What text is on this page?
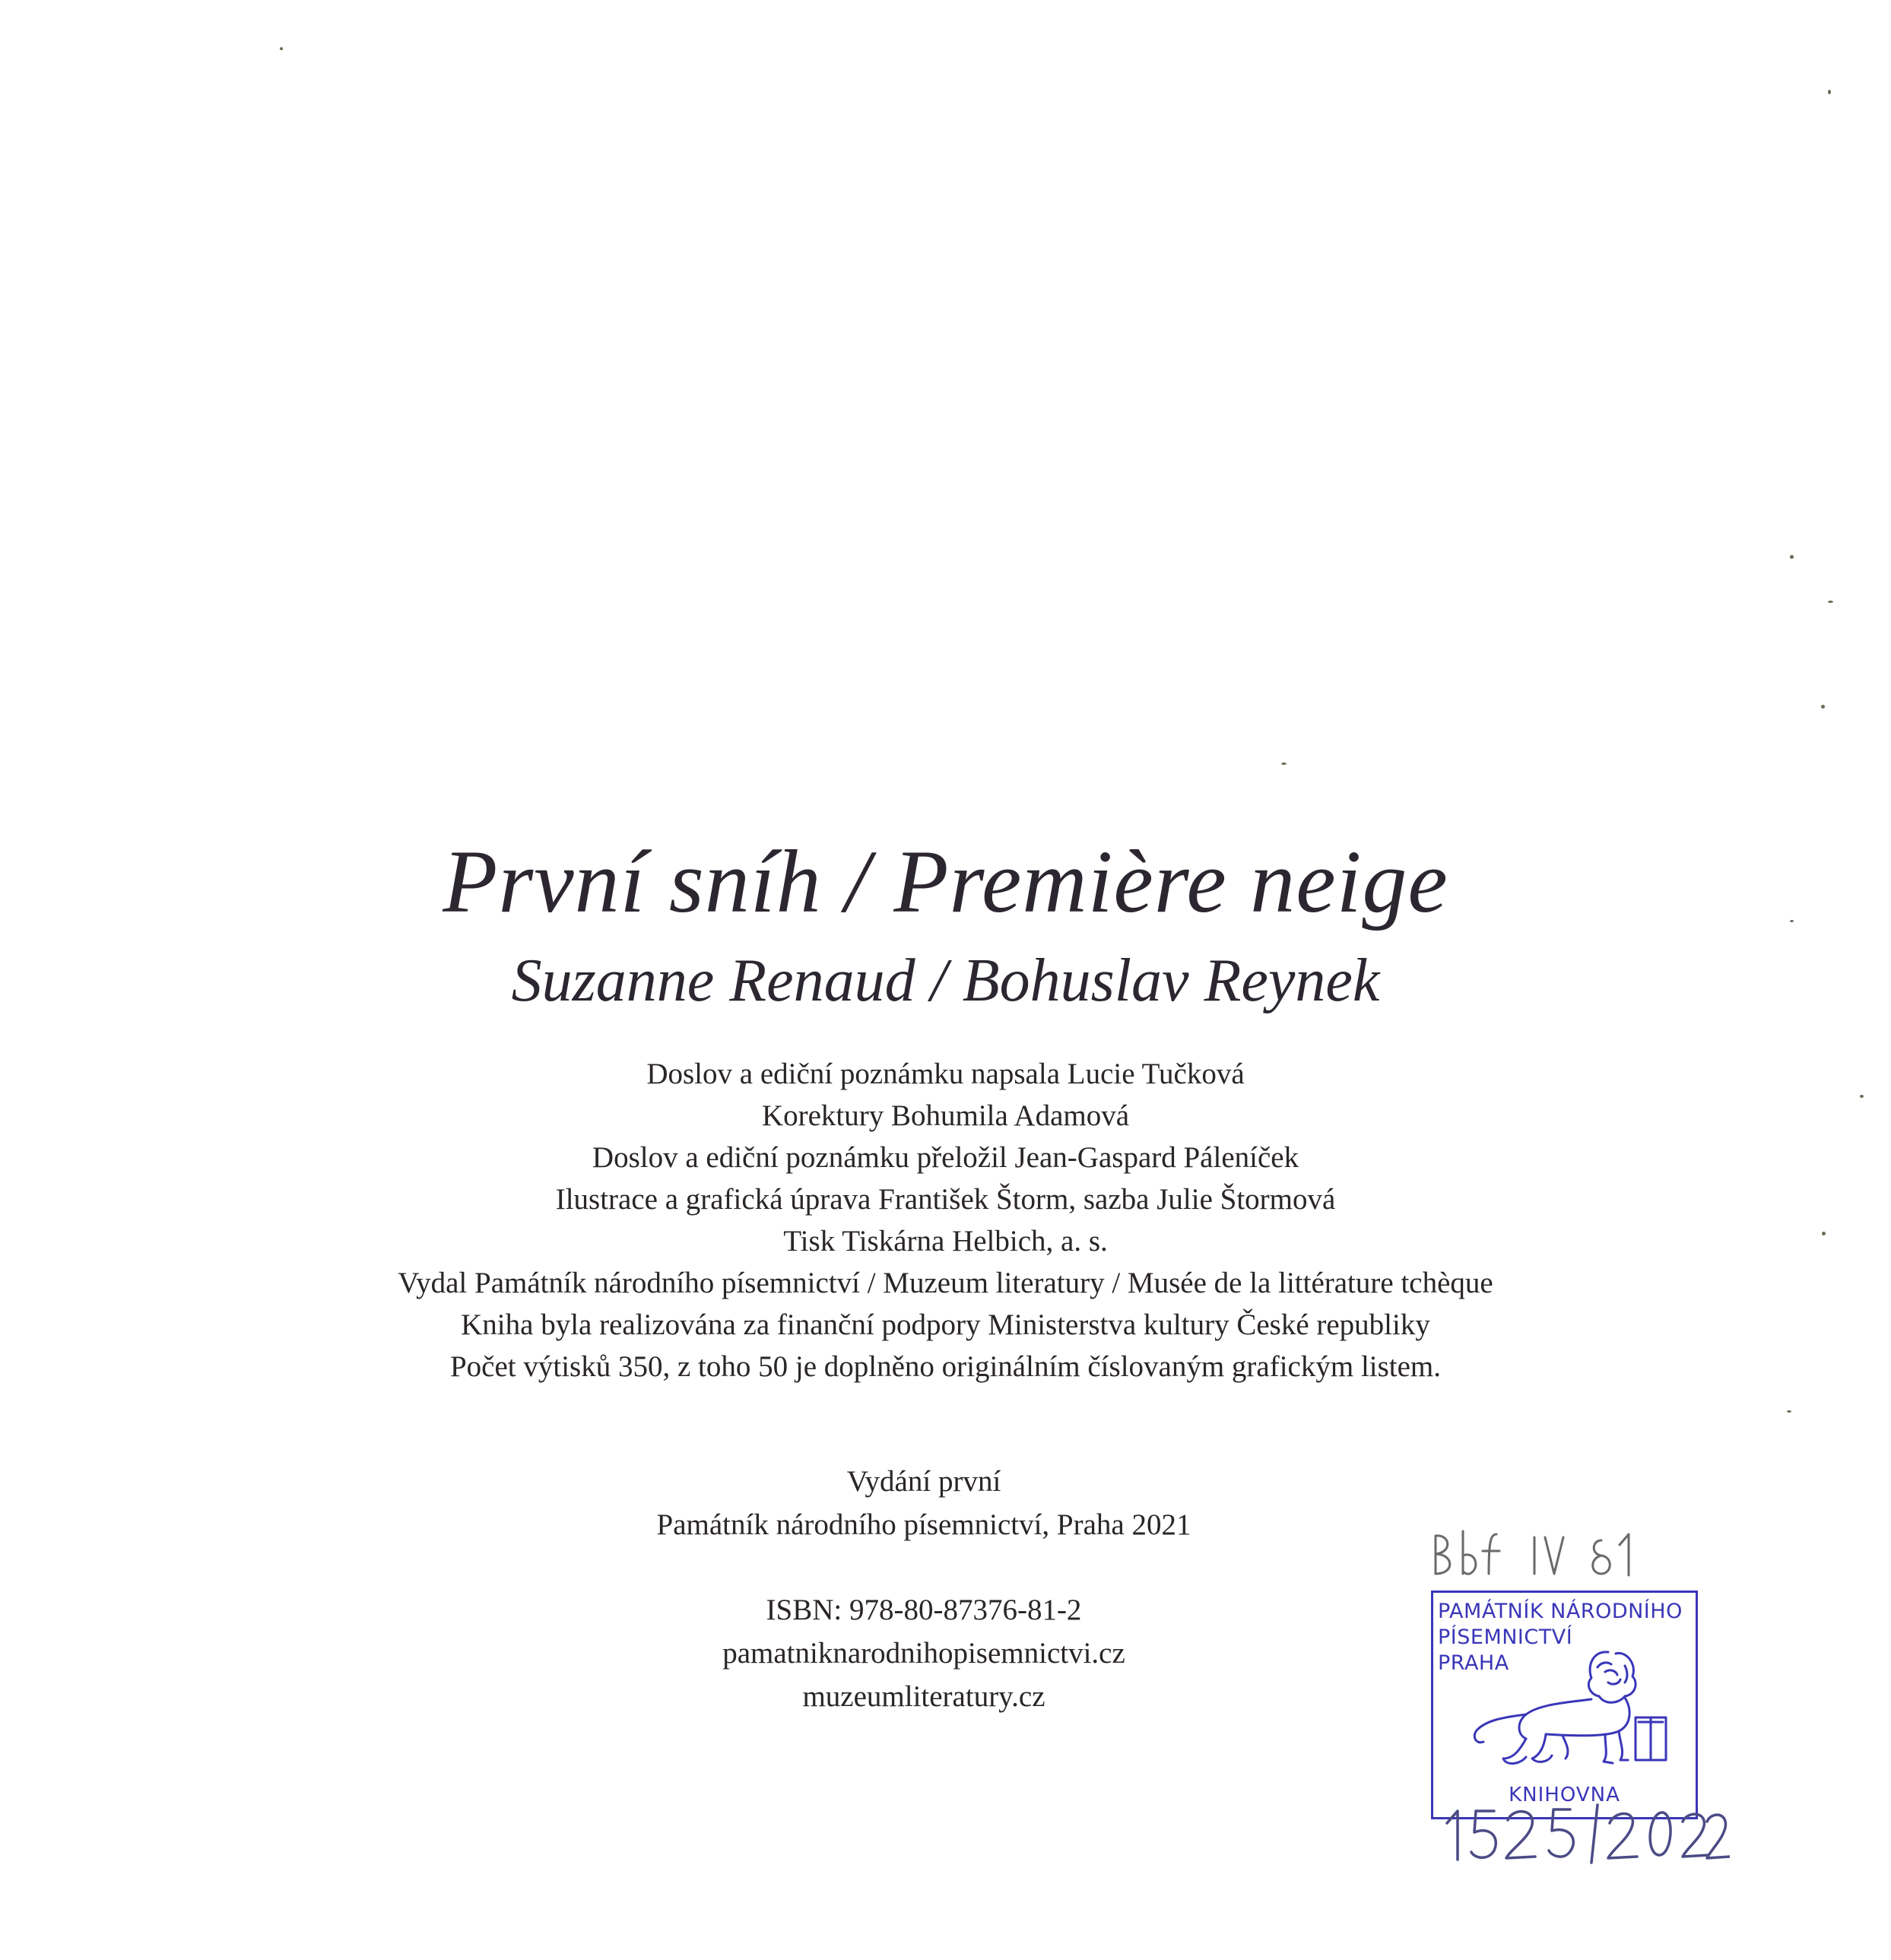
První sníh / Première neige
Suzanne Renaud / Bohuslav Reynek
Doslov a ediční poznámku napsala Lucie Tučková
Korektury Bohumila Adamová
Doslov a ediční poznámku přeložil Jean-Gaspard Páleníček
Ilustrace a grafická úprava František Štorm, sazba Julie Štormová
Tisk Tiskárna Helbich, a. s.
Vydal Památník národního písemnictví / Muzeum literatury / Musée de la littérature tchèque
Kniha byla realizována za finanční podpory Ministerstva kultury České republiky
Počet výtisků 350, z toho 50 je doplněno originálním číslovaným grafickým listem.
Vydání první
Památník národního písemnictví, Praha 2021
ISBN: 978-80-87376-81-2
pamatniknarodnihopisemnictvi.cz
muzeumliteratury.cz
PAMÁTNÍK NÁRODNÍHO
PÍSEMNICTVÍ
PRAHA
KNIHOVNA
